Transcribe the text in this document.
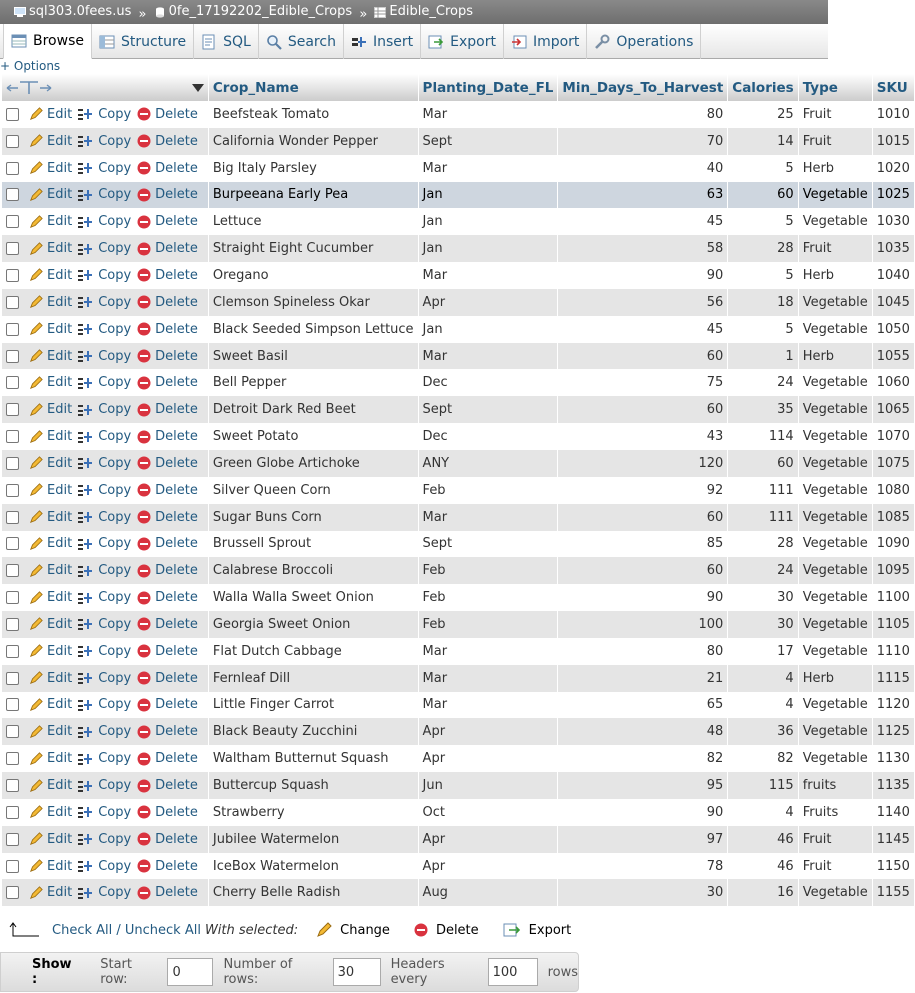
sql303.0fees.us » 0fe_17192202_Edible_Crops » Edible_Crops
Browse	Structure	SQL	Search	Insert	Export	Import	Operations
+ Options
	Crop_Name	Planting_Date_FL	Min_Days_To_Harvest	Calories	Type	SKU

Edit Copy Delete	Beefsteak Tomato	Mar	80	25	Fruit	1010

Edit Copy Delete	California Wonder Pepper	Sept	70	14	Fruit	1015

Edit Copy Delete	Big Italy Parsley	Mar	40	5	Herb	1020

Edit Copy Delete	Burpeeana Early Pea	Jan	63	60	Vegetable	1025

Edit Copy Delete	Lettuce	Jan	45	5	Vegetable	1030

Edit Copy Delete	Straight Eight Cucumber	Jan	58	28	Fruit	1035

Edit Copy Delete	Oregano	Mar	90	5	Herb	1040

Edit Copy Delete	Clemson Spineless Okar	Apr	56	18	Vegetable	1045

Edit Copy Delete	Black Seeded Simpson Lettuce	Jan	45	5	Vegetable	1050

Edit Copy Delete	Sweet Basil	Mar	60	1	Herb	1055

Edit Copy Delete	Bell Pepper	Dec	75	24	Vegetable	1060

Edit Copy Delete	Detroit Dark Red Beet	Sept	60	35	Vegetable	1065

Edit Copy Delete	Sweet Potato	Dec	43	114	Vegetable	1070

Edit Copy Delete	Green Globe Artichoke	ANY	120	60	Vegetable	1075

Edit Copy Delete	Silver Queen Corn	Feb	92	111	Vegetable	1080

Edit Copy Delete	Sugar Buns Corn	Mar	60	111	Vegetable	1085

Edit Copy Delete	Brussell Sprout	Sept	85	28	Vegetable	1090

Edit Copy Delete	Calabrese Broccoli	Feb	60	24	Vegetable	1095

Edit Copy Delete	Walla Walla Sweet Onion	Feb	90	30	Vegetable	1100

Edit Copy Delete	Georgia Sweet Onion	Feb	100	30	Vegetable	1105

Edit Copy Delete	Flat Dutch Cabbage	Mar	80	17	Vegetable	1110

Edit Copy Delete	Fernleaf Dill	Mar	21	4	Herb	1115

Edit Copy Delete	Little Finger Carrot	Mar	65	4	Vegetable	1120

Edit Copy Delete	Black Beauty Zucchini	Apr	48	36	Vegetable	1125

Edit Copy Delete	Waltham Butternut Squash	Apr	82	82	Vegetable	1130

Edit Copy Delete	Buttercup Squash	Jun	95	115	fruits	1135

Edit Copy Delete	Strawberry	Oct	90	4	Fruits	1140

Edit Copy Delete	Jubilee Watermelon	Apr	97	46	Fruit	1145

Edit Copy Delete	IceBox Watermelon	Apr	78	46	Fruit	1150

Edit Copy Delete	Cherry Belle Radish	Aug	30	16	Vegetable	1155
Check All / Uncheck All With selected:	Change	Delete	Export
Show :
Start row:
0
Number of rows:
30
Headers every
100	rows
